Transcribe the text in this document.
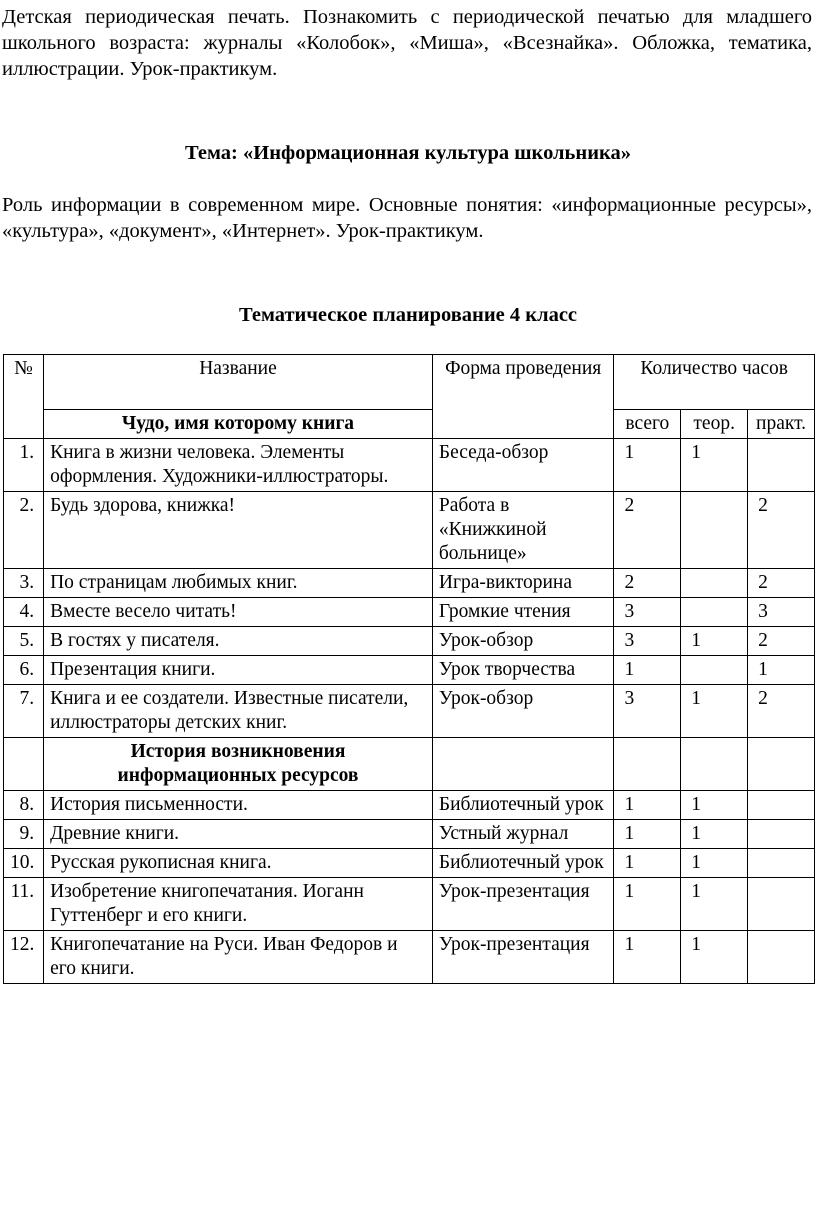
Детская периодическая печать. Познакомить с периодической печатью для младшего школьного возраста: журналы «Колобок», «Миша», «Всезнайка». Обложка, тематика, иллюстрации. Урок-практикум.

Тема: «Информационная культура школьника»

Роль информации в современном мире. Основные понятия: «информационные ресурсы», «культура», «документ», «Интернет». Урок-практикум.

Тематическое планирование 4 класс

№	Название	Форма проведения	Количество часов		
	Чудо, имя которому книга		всего	теор.	практ.
1.	Книга в жизни человека. Элементы оформления. Художники-иллюстраторы.	Беседа-обзор	1	1	
2.	Будь здорова, книжка!	Работа в «Книжкиной больнице»	2		2
3.	По страницам любимых книг.	Игра-викторина	2		2
4.	Вместе весело читать!	Громкие чтения	3		3
5.	В гостях у писателя.	Урок-обзор	3	1	2
6.	Презентация книги.	Урок творчества	1		1
7.	Книга и ее создатели. Известные писатели, иллюстраторы детских книг.	Урок-обзор	3	1	2
	История возникновения информационных ресурсов				
8.	История письменности.	Библиотечный урок	1	1	
9.	Древние книги.	Устный журнал	1	1	
10.	Русская рукописная книга.	Библиотечный урок	1	1	
11.	Изобретение книгопечатания. Иоганн Гуттенберг и его книги.	Урок-презентация	1	1	
12.	Книгопечатание на Руси. Иван Федоров и его книги.	Урок-презентация	1	1	
